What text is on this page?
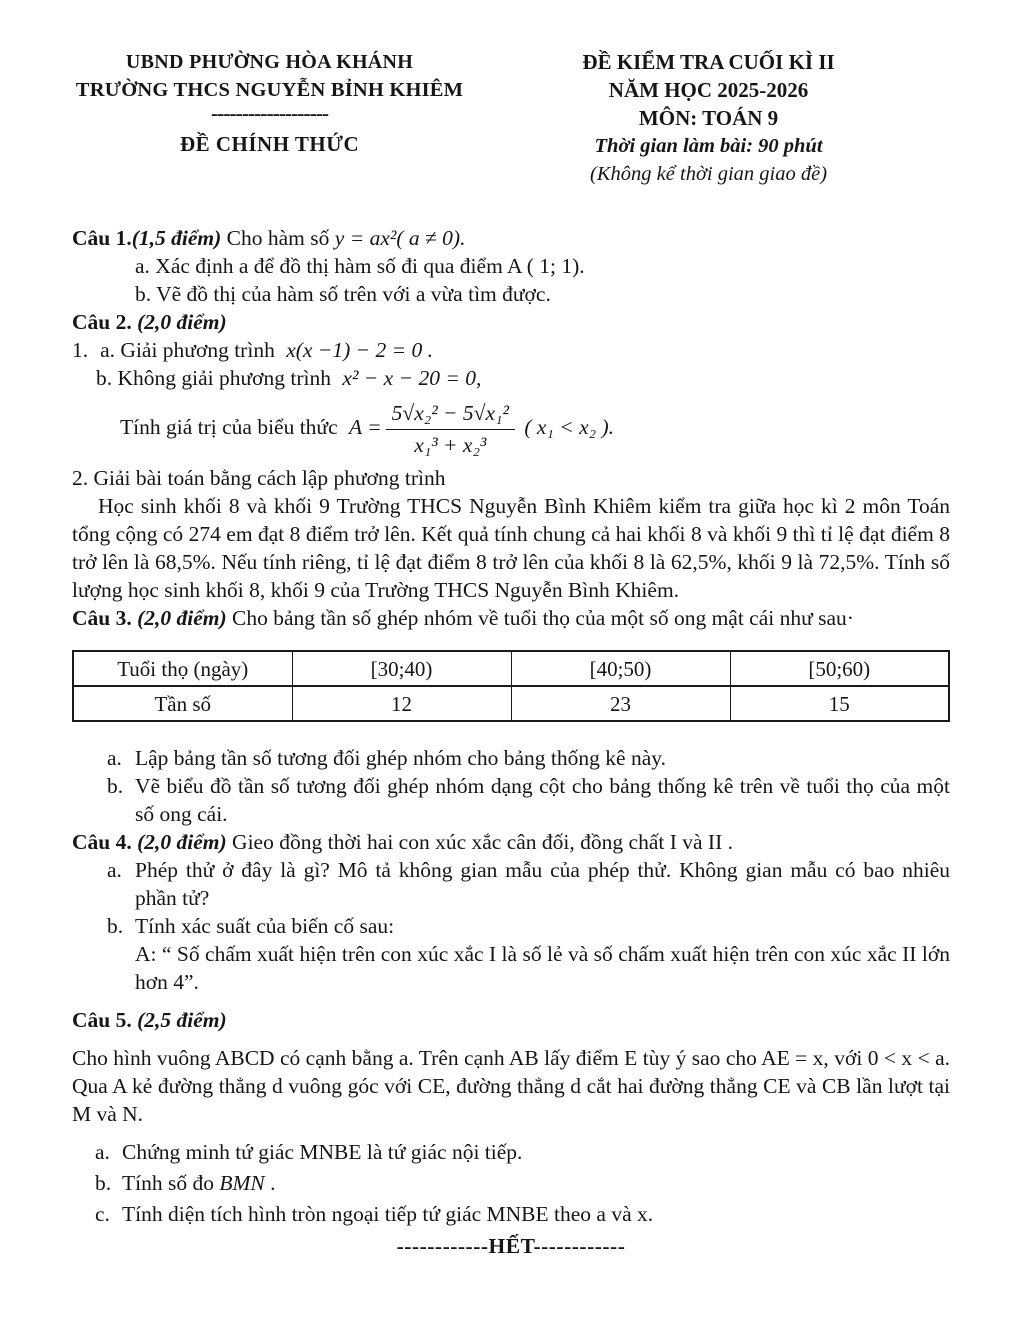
UBND PHƯỜNG HÒA KHÁNH
TRƯỜNG THCS NGUYỄN BỈNH KHIÊM
-------------------
ĐỀ CHÍNH THỨC
ĐỀ KIỂM TRA CUỐI KÌ II
NĂM HỌC 2025-2026
MÔN: TOÁN 9
Thời gian làm bài: 90 phút
(Không kể thời gian giao đề)
Câu 1.(1,5 điểm) Cho hàm số y = ax²( a ≠ 0).
a. Xác định a để đồ thị hàm số đi qua điểm A ( 1; 1).
b. Vẽ đồ thị của hàm số trên với a vừa tìm được.
Câu 2. (2,0 điểm)
1. a. Giải phương trình x(x −1) − 2 = 0 .
b. Không giải phương trình x² − x − 20 = 0,
Tính giá trị của biểu thức $A = \frac{\text{5√x₂² − 5√x₁²}}{\text{x₁³ + x₂³}}$ ( x₁ < x₂ ).
2. Giải bài toán bằng cách lập phương trình
Học sinh khối 8 và khối 9 Trường THCS Nguyễn Bình Khiêm kiểm tra giữa học kì 2 môn Toán tổng cộng có 274 em đạt 8 điểm trở lên. Kết quả tính chung cả hai khối 8 và khối 9 thì tỉ lệ đạt điểm 8 trở lên là 68,5%. Nếu tính riêng, tỉ lệ đạt điểm 8 trở lên của khối 8 là 62,5%, khối 9 là 72,5%. Tính số lượng học sinh khối 8, khối 9 của Trường THCS Nguyễn Bình Khiêm.
Câu 3. (2,0 điểm) Cho bảng tần số ghép nhóm về tuổi thọ của một số ong mật cái như sau·
Tuổi thọ (ngày)	[30;40)	[40;50)	[50;60)
Tần số	12	23	15
a. Lập bảng tần số tương đối ghép nhóm cho bảng thống kê này.
b. Vẽ biểu đồ tần số tương đối ghép nhóm dạng cột cho bảng thống kê trên về tuổi thọ của một số ong cái.
Câu 4. (2,0 điểm) Gieo đồng thời hai con xúc xắc cân đối, đồng chất I và II .
a. Phép thử ở đây là gì? Mô tả không gian mẫu của phép thử. Không gian mẫu có bao nhiêu phần tử?
b. Tính xác suất của biến cố sau:
A: “ Số chấm xuất hiện trên con xúc xắc I là số lẻ và số chấm xuất hiện trên con xúc xắc II lớn hơn 4”.
Câu 5. (2,5 điểm)
Cho hình vuông ABCD có cạnh bằng a. Trên cạnh AB lấy điểm E tùy ý sao cho AE = x, với 0 < x < a. Qua A kẻ đường thẳng d vuông góc với CE, đường thẳng d cắt hai đường thẳng CE và CB lần lượt tại M và N.
a. Chứng minh tứ giác MNBE là tứ giác nội tiếp.
b. Tính số đo BMN .
c. Tính diện tích hình tròn ngoại tiếp tứ giác MNBE theo a và x.
------------HẾT------------
